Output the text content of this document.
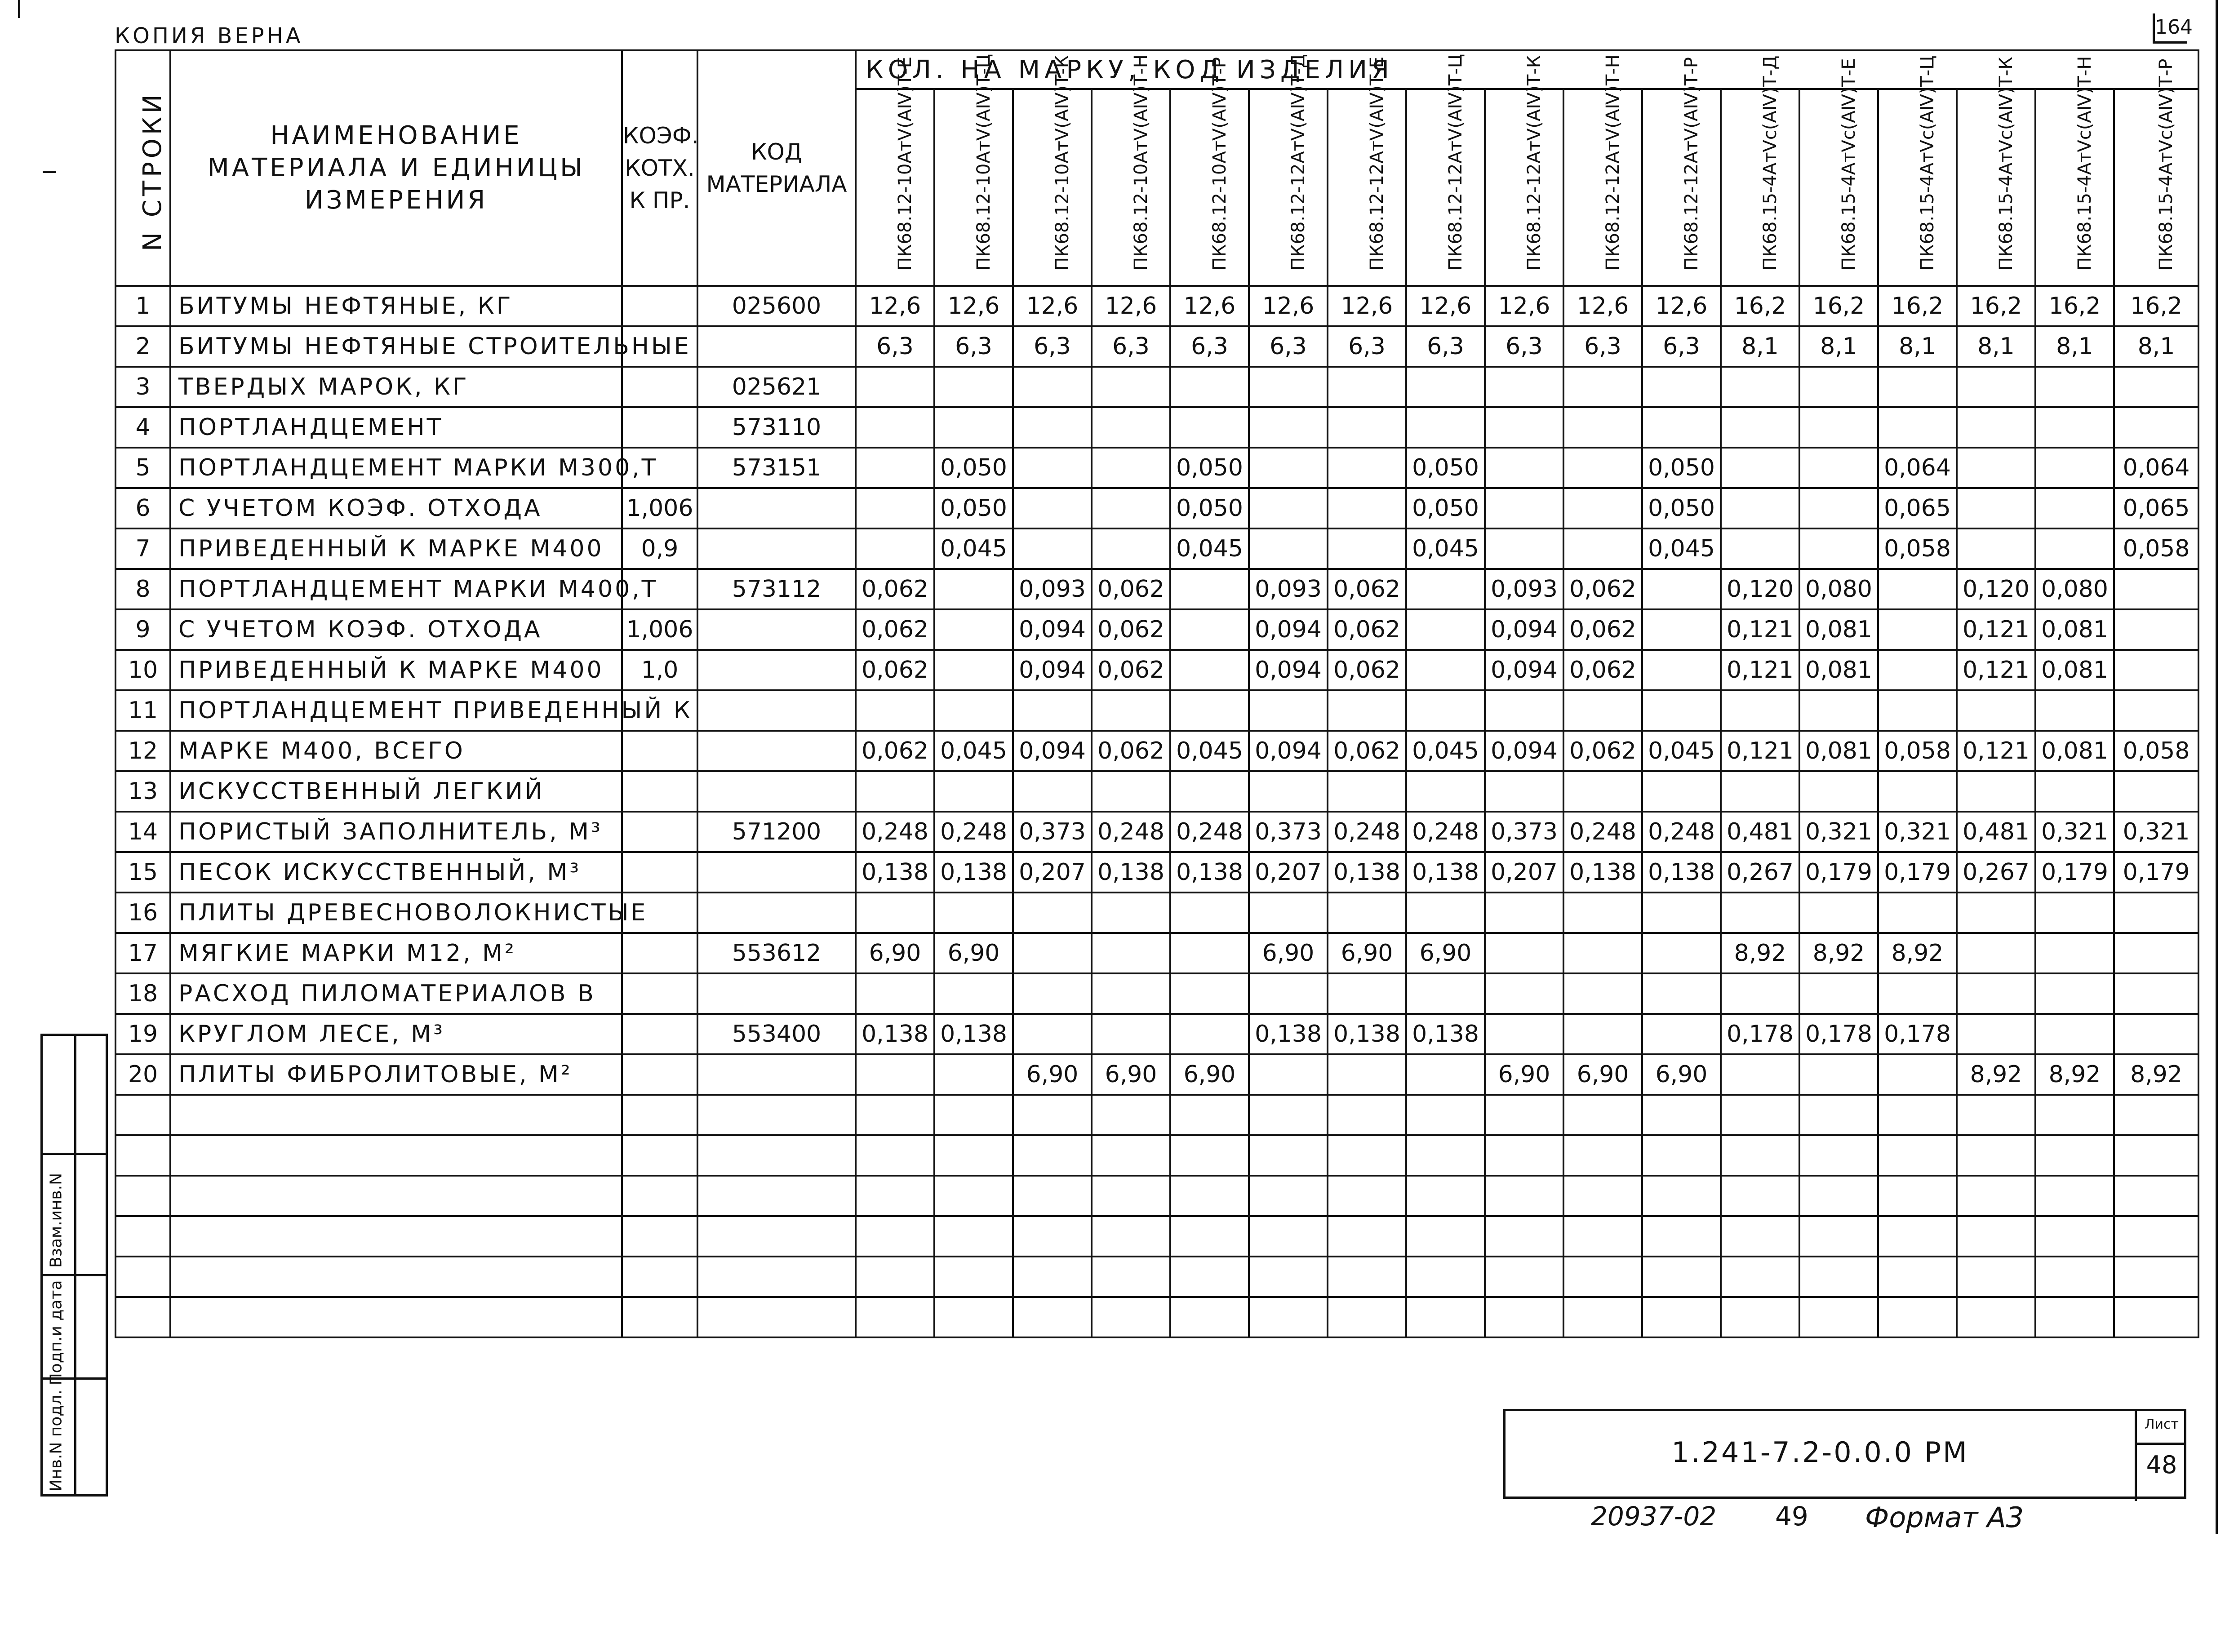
КОПИЯ ВЕРНА	164
N СТРОКИ	НАИМЕНОВАНИЕ МАТЕРИАЛА И ЕДИНИЦЫ ИЗМЕРЕНИЯ	КОЭФ. КОТХ. К ПР.	КОД МАТЕРИАЛА	КОЛ. НА МАРКУ, КОД ИЗДЕЛИЯ																

				ПК68.12-10АтⅤ(АⅣ)Т-Е	ПК68.12-10АтⅤ(АⅣ)Т-Ц	ПК68.12-10АтⅤ(АⅣ)Т-К	ПК68.12-10АтⅤ(АⅣ)Т-Н	ПК68.12-10АтⅤ(АⅣ)Т-Р	ПК68.12-12АтⅤ(АⅣ)Т-Д	ПК68.12-12АтⅤ(АⅣ)Т-Е	ПК68.12-12АтⅤ(АⅣ)Т-Ц	ПК68.12-12АтⅤ(АⅣ)Т-К	ПК68.12-12АтⅤ(АⅣ)Т-Н	ПК68.12-12АтⅤ(АⅣ)Т-Р	ПК68.15-4АтⅤс(АⅣ)Т-Д	ПК68.15-4АтⅤс(АⅣ)Т-Е	ПК68.15-4АтⅤс(АⅣ)Т-Ц	ПК68.15-4АтⅤс(АⅣ)Т-К	ПК68.15-4АтⅤс(АⅣ)Т-Н	ПК68.15-4АтⅤс(АⅣ)Т-Р

1	БИТУМЫ НЕФТЯНЫЕ, КГ		025600	12,6	12,6	12,6	12,6	12,6	12,6	12,6	12,6	12,6	12,6	12,6	16,2	16,2	16,2	16,2	16,2	16,2
2	БИТУМЫ НЕФТЯНЫЕ СТРОИТЕЛЬНЫЕ			6,3	6,3	6,3	6,3	6,3	6,3	6,3	6,3	6,3	6,3	6,3	8,1	8,1	8,1	8,1	8,1	8,1
3	ТВЕРДЫХ МАРОК, КГ		025621																	
4	ПОРТЛАНДЦЕМЕНТ		573110																	
5	ПОРТЛАНДЦЕМЕНТ МАРКИ М300,Т		573151		0,050			0,050			0,050			0,050			0,064			0,064
6	С УЧЕТОМ КОЭФ. ОТХОДА	1,006			0,050			0,050			0,050			0,050			0,065			0,065
7	ПРИВЕДЕННЫЙ К МАРКЕ М400	0,9			0,045			0,045			0,045			0,045			0,058			0,058
8	ПОРТЛАНДЦЕМЕНТ МАРКИ М400,Т		573112	0,062		0,093	0,062		0,093	0,062		0,093	0,062		0,120	0,080		0,120	0,080	
9	С УЧЕТОМ КОЭФ. ОТХОДА	1,006		0,062		0,094	0,062		0,094	0,062		0,094	0,062		0,121	0,081		0,121	0,081	
10	ПРИВЕДЕННЫЙ К МАРКЕ М400	1,0		0,062		0,094	0,062		0,094	0,062		0,094	0,062		0,121	0,081		0,121	0,081	
11	ПОРТЛАНДЦЕМЕНТ ПРИВЕДЕННЫЙ К																			
12	МАРКЕ М400, ВСЕГО			0,062	0,045	0,094	0,062	0,045	0,094	0,062	0,045	0,094	0,062	0,045	0,121	0,081	0,058	0,121	0,081	0,058
13	ИСКУССТВЕННЫЙ ЛЕГКИЙ																			
14	ПОРИСТЫЙ ЗАПОЛНИТЕЛЬ, М³		571200	0,248	0,248	0,373	0,248	0,248	0,373	0,248	0,248	0,373	0,248	0,248	0,481	0,321	0,321	0,481	0,321	0,321
15	ПЕСОК ИСКУССТВЕННЫЙ, М³			0,138	0,138	0,207	0,138	0,138	0,207	0,138	0,138	0,207	0,138	0,138	0,267	0,179	0,179	0,267	0,179	0,179
16	ПЛИТЫ ДРЕВЕСНОВОЛОКНИСТЫЕ																			
17	МЯГКИЕ МАРКИ М12, М²		553612	6,90	6,90				6,90	6,90	6,90				8,92	8,92	8,92			
18	РАСХОД ПИЛОМАТЕРИАЛОВ В																			
19	КРУГЛОМ ЛЕСЕ, М³		553400	0,138	0,138				0,138	0,138	0,138				0,178	0,178	0,178			
20	ПЛИТЫ ФИБРОЛИТОВЫЕ, М²					6,90	6,90	6,90				6,90	6,90	6,90				8,92	8,92	8,92

Инв.N подл.
Подп.и дата
Взам.инв.N
1.241-7.2-0.0.0 РМ
Лист
48
20937-02 49 Формат А3
